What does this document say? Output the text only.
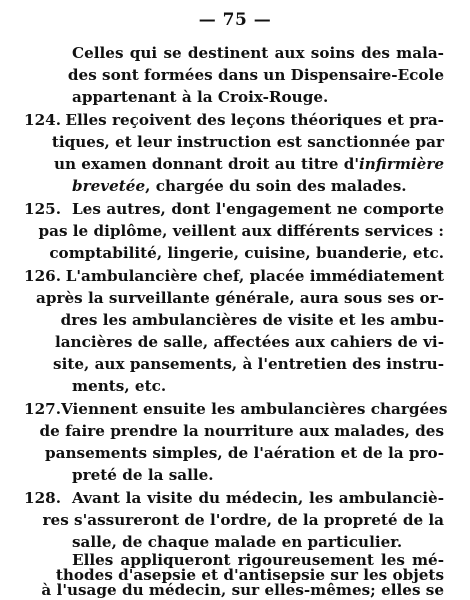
— 75 —
Celles qui se destinent aux soins des mala-
des sont formées dans un Dispensaire-Ecole
appartenant à la Croix-Rouge.
124. Elles reçoivent des leçons théoriques et pra-
tiques, et leur instruction est sanctionnée par
un examen donnant droit au titre d'infirmière
brevetée, chargée du soin des malades.
125. Les autres, dont l'engagement ne comporte
pas le diplôme, veillent aux différents services :
comptabilité, lingerie, cuisine, buanderie, etc.
126. L'ambulancière chef, placée immédiatement
après la surveillante générale, aura sous ses or-
dres les ambulancières de visite et les ambu-
lancières de salle, affectées aux cahiers de vi-
site, aux pansements, à l'entretien des instru-
ments, etc.
127. Viennent ensuite les ambulancières chargées
de faire prendre la nourriture aux malades, des
pansements simples, de l'aération et de la pro-
preté de la salle.
128. Avant la visite du médecin, les ambulanciè-
res s'assureront de l'ordre, de la propreté de la
salle, de chaque malade en particulier.
Elles appliqueront rigoureusement les mé-
thodes d'asepsie et d'antisepsie sur les objets
à l'usage du médecin, sur elles-mêmes; elles se
